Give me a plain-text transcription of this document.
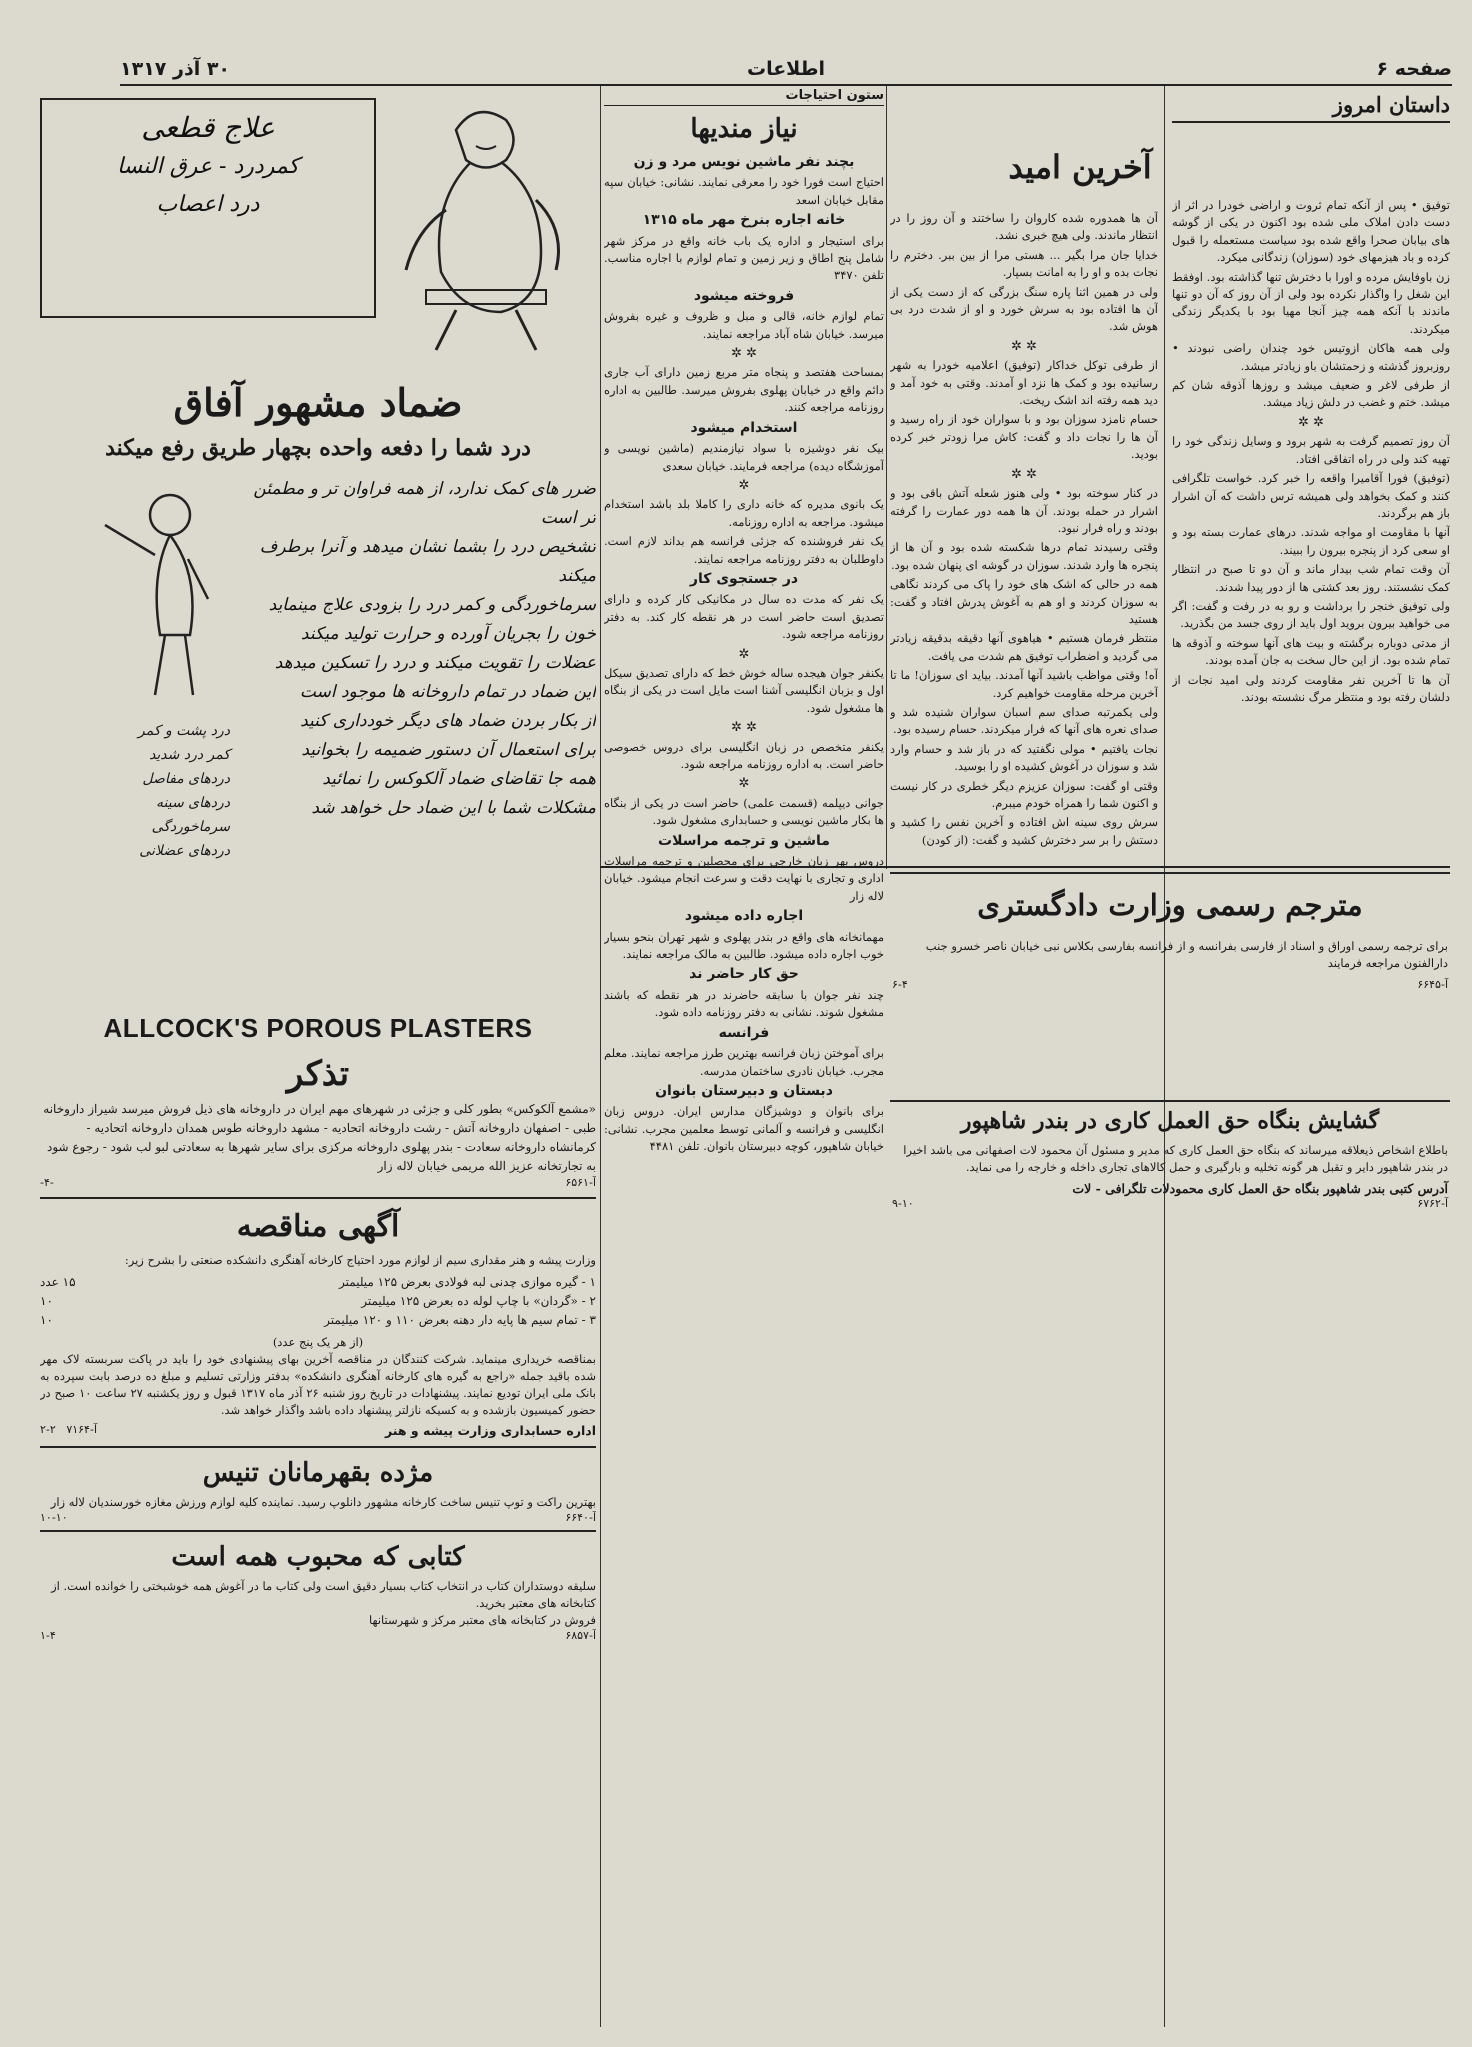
صفحه ۶
اطلاعات
۳۰ آذر ۱۳۱۷
داستان امروز

توفیق • پس از آنکه تمام ثروت و اراضی خودرا در اثر از دست دادن املاک ملی شده بود اکنون در یکی از گوشه های بیابان صحرا واقع شده بود سیاست مستعمله را قبول کرده و باد هیزمهای خود (سوزان) زندگانی میکرد.

زن باوفایش مرده و اورا با دخترش تنها گذاشته بود. اوفقط این شغل را واگذار نکرده بود ولی از آن روز که آن دو تنها ماندند با آنکه همه چیز آنجا مهیا بود با یکدیگر زندگی میکردند.

ولی همه هاکان ازوتیس خود چندان راضی نبودند • روزبروز گذشته و زحمتشان باو زیادتر میشد.

از طرفی لاغر و ضعیف میشد و روزها آذوقه شان کم میشد. ختم و غضب در دلش زیاد میشد.

✲ ✲

آن روز تصمیم گرفت به شهر برود و وسایل زندگی خود را تهیه کند ولی در راه اتفاقی افتاد.

(توفیق) فورا آقامیرا واقعه را خبر کرد. خواست تلگرافی کنند و کمک بخواهد ولی همیشه ترس داشت که آن اشرار باز هم برگردند.

آنها با مقاومت او مواجه شدند. درهای عمارت بسته بود و او سعی کرد از پنجره بیرون را ببیند.

آن وقت تمام شب بیدار ماند و آن دو تا صبح در انتظار کمک نشستند. روز بعد کشتی ها از دور پیدا شدند.

ولی توفیق خنجر را برداشت و رو به در رفت و گفت: اگر می خواهید بیرون بروید اول باید از روی جسد من بگذرید.

از مدتی دوباره برگشته و بیت های آنها سوخته و آذوقه ها تمام شده بود. از این حال سخت به جان آمده بودند.

آن ها تا آخرین نفر مقاومت کردند ولی امید نجات از دلشان رفته بود و منتظر مرگ نشسته بودند.

آخرین امید

آن ها همدوره شده کاروان را ساختند و آن روز را در انتظار ماندند. ولی هیچ خبری نشد.

خدایا جان مرا بگیر ... هستی مرا از بین ببر. دخترم را نجات بده و او را به امانت بسپار.

ولی در همین اثنا پاره سنگ بزرگی که از دست یکی از آن ها افتاده بود به سرش خورد و او از شدت درد بی هوش شد.

✲ ✲

از طرفی توکل خداکار (توفیق) اعلامیه خودرا به شهر رسانیده بود و کمک ها نزد او آمدند. وقتی به خود آمد و دید همه رفته اند اشک ریخت.

حسام نامزد سوزان بود و با سواران خود از راه رسید و آن ها را نجات داد و گفت: کاش مرا زودتر خبر کرده بودید.

✲ ✲

در کنار سوخته بود • ولی هنوز شعله آتش باقی بود و اشرار در حمله بودند. آن ها همه دور عمارت را گرفته بودند و راه فرار نبود.

وقتی رسیدند تمام درها شکسته شده بود و آن ها از پنجره ها وارد شدند. سوزان در گوشه ای پنهان شده بود.

همه در حالی که اشک های خود را پاک می کردند نگاهی به سوزان کردند و او هم به آغوش پدرش افتاد و گفت: هستید

منتظر فرمان هستیم • هیاهوی آنها دقیقه بدقیقه زیادتر می گردید و اضطراب توفیق هم شدت می یافت.

آه! وقتی مواظب باشید آنها آمدند. بیاید ای سوزان! ما تا آخرین مرحله مقاومت خواهیم کرد.

ولی یکمرتبه صدای سم اسبان سواران شنیده شد و صدای نعره های آنها که فرار میکردند. حسام رسیده بود.

نجات یافتیم • مولی نگفتید که در باز شد و حسام وارد شد و سوزان در آغوش کشیده او را بوسید.

وقتی او گفت: سوزان عزیزم دیگر خطری در کار نیست و اکنون شما را همراه خودم میبرم.

سرش روی سینه اش افتاده و آخرین نفس را کشید و دستش را بر سر دخترش کشید و گفت: (از کودن)

مترجم رسمی وزارت دادگستری

برای ترجمه رسمی اوراق و اسناد از فارسی بفرانسه و از فرانسه بفارسی بکلاس نبی خیابان ناصر خسرو جنب دارالفنون مراجعه فرمایند

۶-۴	آ-۶۶۴۵
گشایش بنگاه حق العمل کاری در بندر شاهپور

باطلاع اشخاص ذیعلاقه میرساند که بنگاه حق العمل کاری که مدیر و مسئول آن محمود لات اصفهانی می باشد اخیرا در بندر شاهپور دایر و تقبل هر گونه تخلیه و بارگیری و حمل کالاهای تجاری داخله و خارجه را می نماید.

آدرس کتبی بندر شاهپور بنگاه حق العمل کاری محمودلات تلگرافی - لات

۹-۱۰	آ-۶۷۶۲
ستون احتیاجات
نیاز مندیها
بچند نفر ماشین نویس مرد و زن

احتیاج است فورا خود را معرفی نمایند. نشانی: خیابان سپه مقابل خیابان اسعد

خانه اجاره بنرخ مهر ماه ۱۳۱۵

برای استیجار و اداره یک باب خانه واقع در مرکز شهر شامل پنج اطاق و زیر زمین و تمام لوازم با اجاره مناسب. تلفن ۳۴۷۰

فروخته میشود

تمام لوازم خانه، قالی و مبل و ظروف و غیره بفروش میرسد. خیابان شاه آباد مراجعه نمایند.

✲ ✲

بمساحت هفتصد و پنجاه متر مربع زمین دارای آب جاری دائم واقع در خیابان پهلوی بفروش میرسد. طالبین به اداره روزنامه مراجعه کنند.

استخدام میشود

بیک نفر دوشیزه با سواد نیازمندیم (ماشین نویسی و آموزشگاه دیده) مراجعه فرمایند. خیابان سعدی

✲

یک بانوی مدیره که خانه داری را کاملا بلد باشد استخدام میشود. مراجعه به اداره روزنامه.

یک نفر فروشنده که جزئی فرانسه هم بداند لازم است. داوطلبان به دفتر روزنامه مراجعه نمایند.

در جستجوی کار

یک نفر که مدت ده سال در مکانیکی کار کرده و دارای تصدیق است حاضر است در هر نقطه کار کند. به دفتر روزنامه مراجعه شود.

✲

یکنفر جوان هیجده ساله خوش خط که دارای تصدیق سیکل اول و بزبان انگلیسی آشنا است مایل است در یکی از بنگاه ها مشغول شود.

✲ ✲

یکنفر متخصص در زبان انگلیسی برای دروس خصوصی حاضر است. به اداره روزنامه مراجعه شود.

✲

جوانی دیپلمه (قسمت علمی) حاضر است در یکی از بنگاه ها بکار ماشین نویسی و حسابداری مشغول شود.

ماشین و ترجمه مراسلات

دروس بهر زبان خارجی برای محصلین و ترجمه مراسلات اداری و تجاری با نهایت دقت و سرعت انجام میشود. خیابان لاله زار

اجاره داده میشود

مهمانخانه های واقع در بندر پهلوی و شهر تهران بنحو بسیار خوب اجاره داده میشود. طالبین به مالک مراجعه نمایند.

حق کار حاضر ند

چند نفر جوان با سابقه حاضرند در هر نقطه که باشند مشغول شوند. نشانی به دفتر روزنامه داده شود.

فرانسه

برای آموختن زبان فرانسه بهترین طرز مراجعه نمایند. معلم مجرب. خیابان نادری ساختمان مدرسه.

دبستان و دبیرستان بانوان

برای بانوان و دوشیزگان مدارس ایران. دروس زبان انگلیسی و فرانسه و آلمانی توسط معلمین مجرب. نشانی: خیابان شاهپور، کوچه دبیرستان بانوان. تلفن ۴۴۸۱

علاج قطعی
کمردرد - عرق النسا
درد اعصاب
ضماد مشهور آفاق
درد شما را دفعه واحده بچهار طریق رفع میکند

ضرر های کمک ندارد، از همه فراوان تر و مطمئن تر است

تشخیص درد را بشما نشان میدهد و آنرا برطرف میکند

سرماخوردگی و کمر درد را بزودی علاج مینماید

خون را بجریان آورده و حرارت تولید میکند

عضلات را تقویت میکند و درد را تسکین میدهد

این ضماد در تمام داروخانه ها موجود است

از بکار بردن ضماد های دیگر خودداری کنید

برای استعمال آن دستور ضمیمه را بخوانید

همه جا تقاضای ضماد آلکوکس را نمائید

مشکلات شما با این ضماد حل خواهد شد

درد پشت و کمر
کمر درد شدید
دردهای مفاصل
دردهای سینه
سرماخوردگی
دردهای عضلانی
ALLCOCK'S POROUS PLASTERS
تذکر

«مشمع آلکوکس» بطور کلی و جزئی در شهرهای مهم ایران در داروخانه های ذیل فروش میرسد شیراز داروخانه طبی - اصفهان داروخانه آتش - رشت داروخانه اتحادیه - مشهد داروخانه طوس همدان داروخانه اتحادیه - کرمانشاه داروخانه سعادت - بندر پهلوی داروخانه مرکزی برای سایر شهرها به سعادتی لبو لب شود - رجوع شود به تجارتخانه عزیز الله مریمی خیابان لاله زار

-۴-	آ-۶۵۶۱
آگهی مناقصه

وزارت پیشه و هنر مقداری سیم از لوازم مورد احتیاج کارخانه آهنگری دانشکده صنعتی را بشرح زیر:

۱ - گیره موازی چدنی لبه فولادی بعرض ۱۲۵ میلیمتر
۱۵ عدد
۲ - «گردان» با چاپ لوله ده بعرض ۱۲۵ میلیمتر
۱۰
۳ - تمام سیم ها پایه دار دهنه بعرض ۱۱۰ و ۱۲۰ میلیمتر
۱۰

(از هر یک پنج عدد)

بمناقصه خریداری مینماید. شرکت کنندگان در مناقصه آخرین بهای پیشنهادی خود را باید در پاکت سربسته لاک مهر شده باقید جمله «راجع به گیره های کارخانه آهنگری دانشکده» بدفتر وزارتی تسلیم و مبلغ ده درصد بابت سپرده به بانک ملی ایران تودیع نمایند. پیشنهادات در تاریخ روز شنبه ۲۶ آذر ماه ۱۳۱۷ قبول و روز یکشنبه ۲۷ ساعت ۱۰ صبح در حضور کمیسیون بازشده و به کسیکه نازلتر پیشنهاد داده باشد واگذار خواهد شد.

اداره حسابداری وزارت پیشه و هنر
آ-۷۱۶۴   ۲-۲
مژده بقهرمانان تنیس

بهترین راکت و توپ تنیس ساخت کارخانه مشهور دانلوپ رسید. نماینده کلیه لوازم ورزش مغازه خورسندیان لاله زار

۱۰-۱۰	آ-۶۶۴۰
کتابی که محبوب همه است

سلیقه دوستداران کتاب در انتخاب کتاب بسیار دقیق است ولی کتاب ما در آغوش همه خوشبختی را خوانده است. از کتابخانه های معتبر بخرید.

فروش در کتابخانه های معتبر مرکز و شهرستانها

۱-۴	آ-۶۸۵۷
